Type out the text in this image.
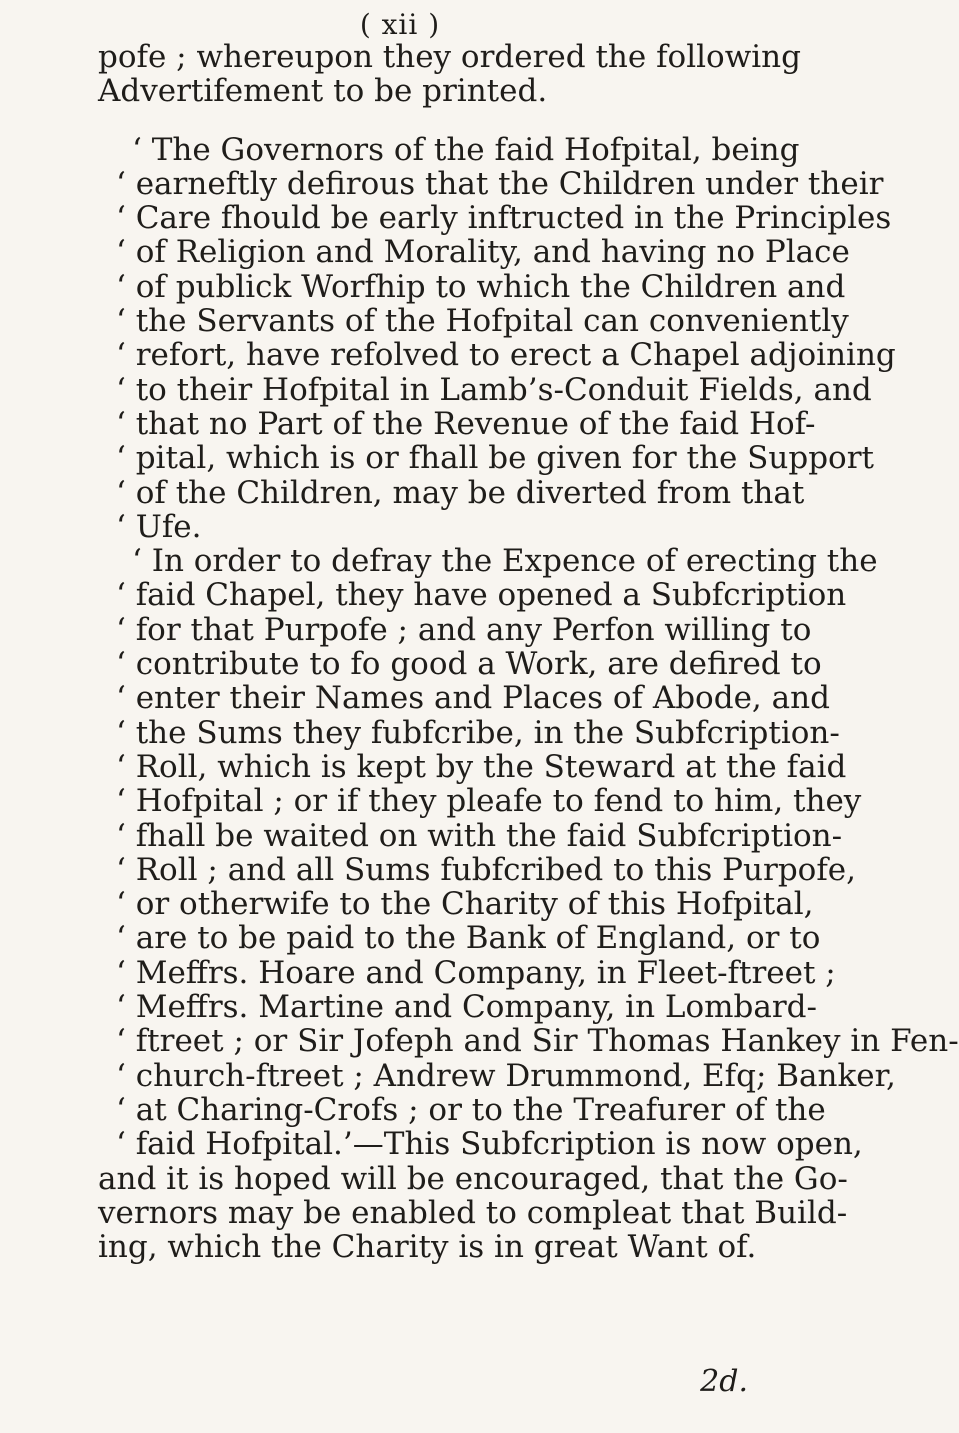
( xii )
pofe ; whereupon they ordered the following
Advertifement to be printed.
‘ The Governors of the faid Hofpital, being
‘ earneftly defirous that the Children under their
‘ Care fhould be early inftructed in the Principles
‘ of Religion and Morality, and having no Place
‘ of publick Worfhip to which the Children and
‘ the Servants of the Hofpital can conveniently
‘ refort, have refolved to erect a Chapel adjoining
‘ to their Hofpital in Lamb’s-Conduit Fields, and
‘ that no Part of the Revenue of the faid Hof-
‘ pital, which is or fhall be given for the Support
‘ of the Children, may be diverted from that
‘ Ufe.
‘ In order to defray the Expence of erecting the
‘ faid Chapel, they have opened a Subfcription
‘ for that Purpofe ; and any Perfon willing to
‘ contribute to fo good a Work, are defired to
‘ enter their Names and Places of Abode, and
‘ the Sums they fubfcribe, in the Subfcription-
‘ Roll, which is kept by the Steward at the faid
‘ Hofpital ; or if they pleafe to fend to him, they
‘ fhall be waited on with the faid Subfcription-
‘ Roll ; and all Sums fubfcribed to this Purpofe,
‘ or otherwife to the Charity of this Hofpital,
‘ are to be paid to the Bank of England, or to
‘ Meffrs. Hoare and Company, in Fleet-ftreet ;
‘ Meffrs. Martine and Company, in Lombard-
‘ ftreet ; or Sir Jofeph and Sir Thomas Hankey in Fen-
‘ church-ftreet ; Andrew Drummond, Efq; Banker,
‘ at Charing-Crofs ; or to the Treafurer of the
‘ faid Hofpital.’—This Subfcription is now open,
and it is hoped will be encouraged, that the Go-
vernors may be enabled to compleat that Build-
ing, which the Charity is in great Want of.
2d.
